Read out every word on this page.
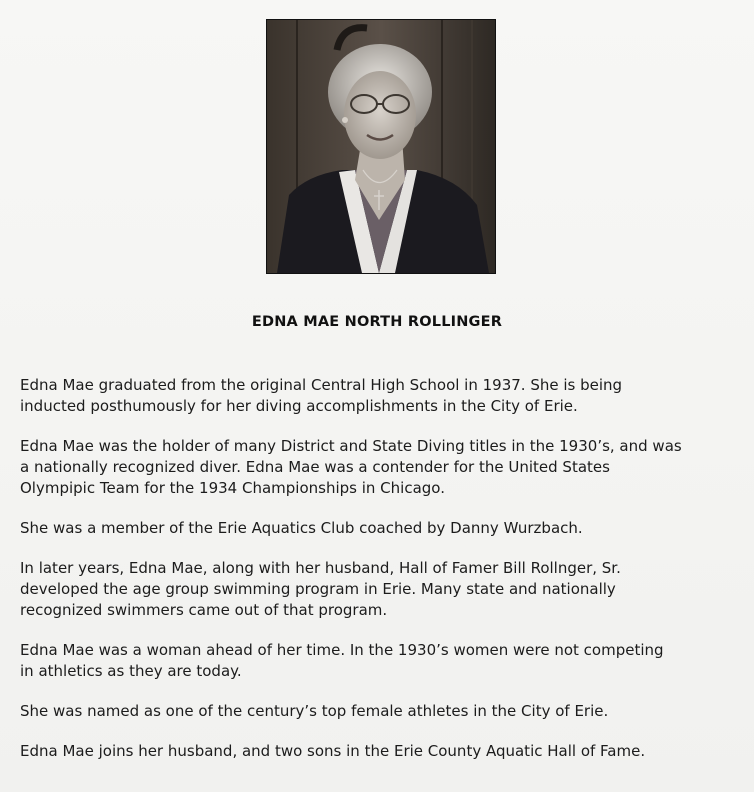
EDNA MAE NORTH ROLLINGER

Edna Mae graduated from the original Central High School in 1937. She is being
inducted posthumously for her diving accomplishments in the City of Erie.

Edna Mae was the holder of many District and State Diving titles in the 1930’s, and was
a nationally recognized diver. Edna Mae was a contender for the United States
Olympipic Team for the 1934 Championships in Chicago.

She was a member of the Erie Aquatics Club coached by Danny Wurzbach.

In later years, Edna Mae, along with her husband, Hall of Famer Bill Rollnger, Sr.
developed the age group swimming program in Erie. Many state and nationally
recognized swimmers came out of that program.

Edna Mae was a woman ahead of her time. In the 1930’s women were not competing
in athletics as they are today.

She was named as one of the century’s top female athletes in the City of Erie.

Edna Mae joins her husband, and two sons in the Erie County Aquatic Hall of Fame.
